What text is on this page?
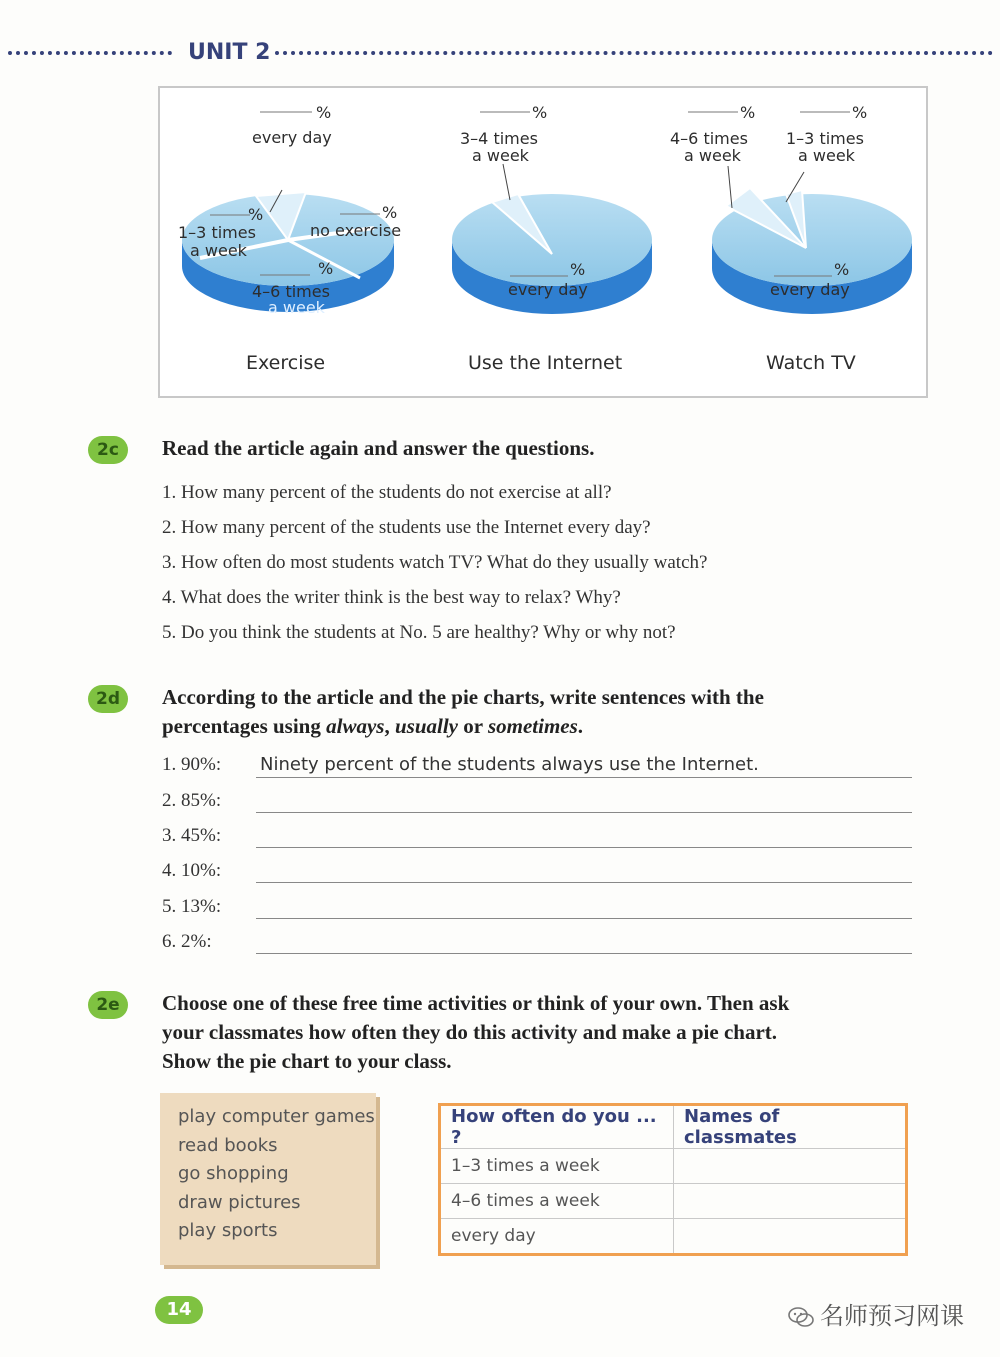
UNIT 2
%
every day
%
1–3 times
a week
%
no exercise
%
4–6 times
a week
Exercise
%
3–4 times
a week
%
every day
Use the Internet
%
4–6 times
a week
%
1–3 times
a week
%
every day
Watch TV
2c	Read the article again and answer the questions.
1. How many percent of the students do not exercise at all?
2. How many percent of the students use the Internet every day?
3. How often do most students watch TV? What do they usually watch?
4. What does the writer think is the best way to relax? Why?
5. Do you think the students at No. 5 are healthy? Why or why not?
2d	According to the article and the pie charts, write sentences with the
percentages using always, usually or sometimes.
1. 90%: Ninety percent of the students always use the Internet.
2. 85%:
3. 45%:
4. 10%:
5. 13%:
6. 2%:
2e	Choose one of these free time activities or think of your own. Then ask
your classmates how often they do this activity and make a pie chart.
Show the pie chart to your class.
play computer games
read books
go shopping
draw pictures
play sports
How often do you ... ?	Names of classmates
1–3 times a week	
4–6 times a week	
every day	
14	名师预习网课
